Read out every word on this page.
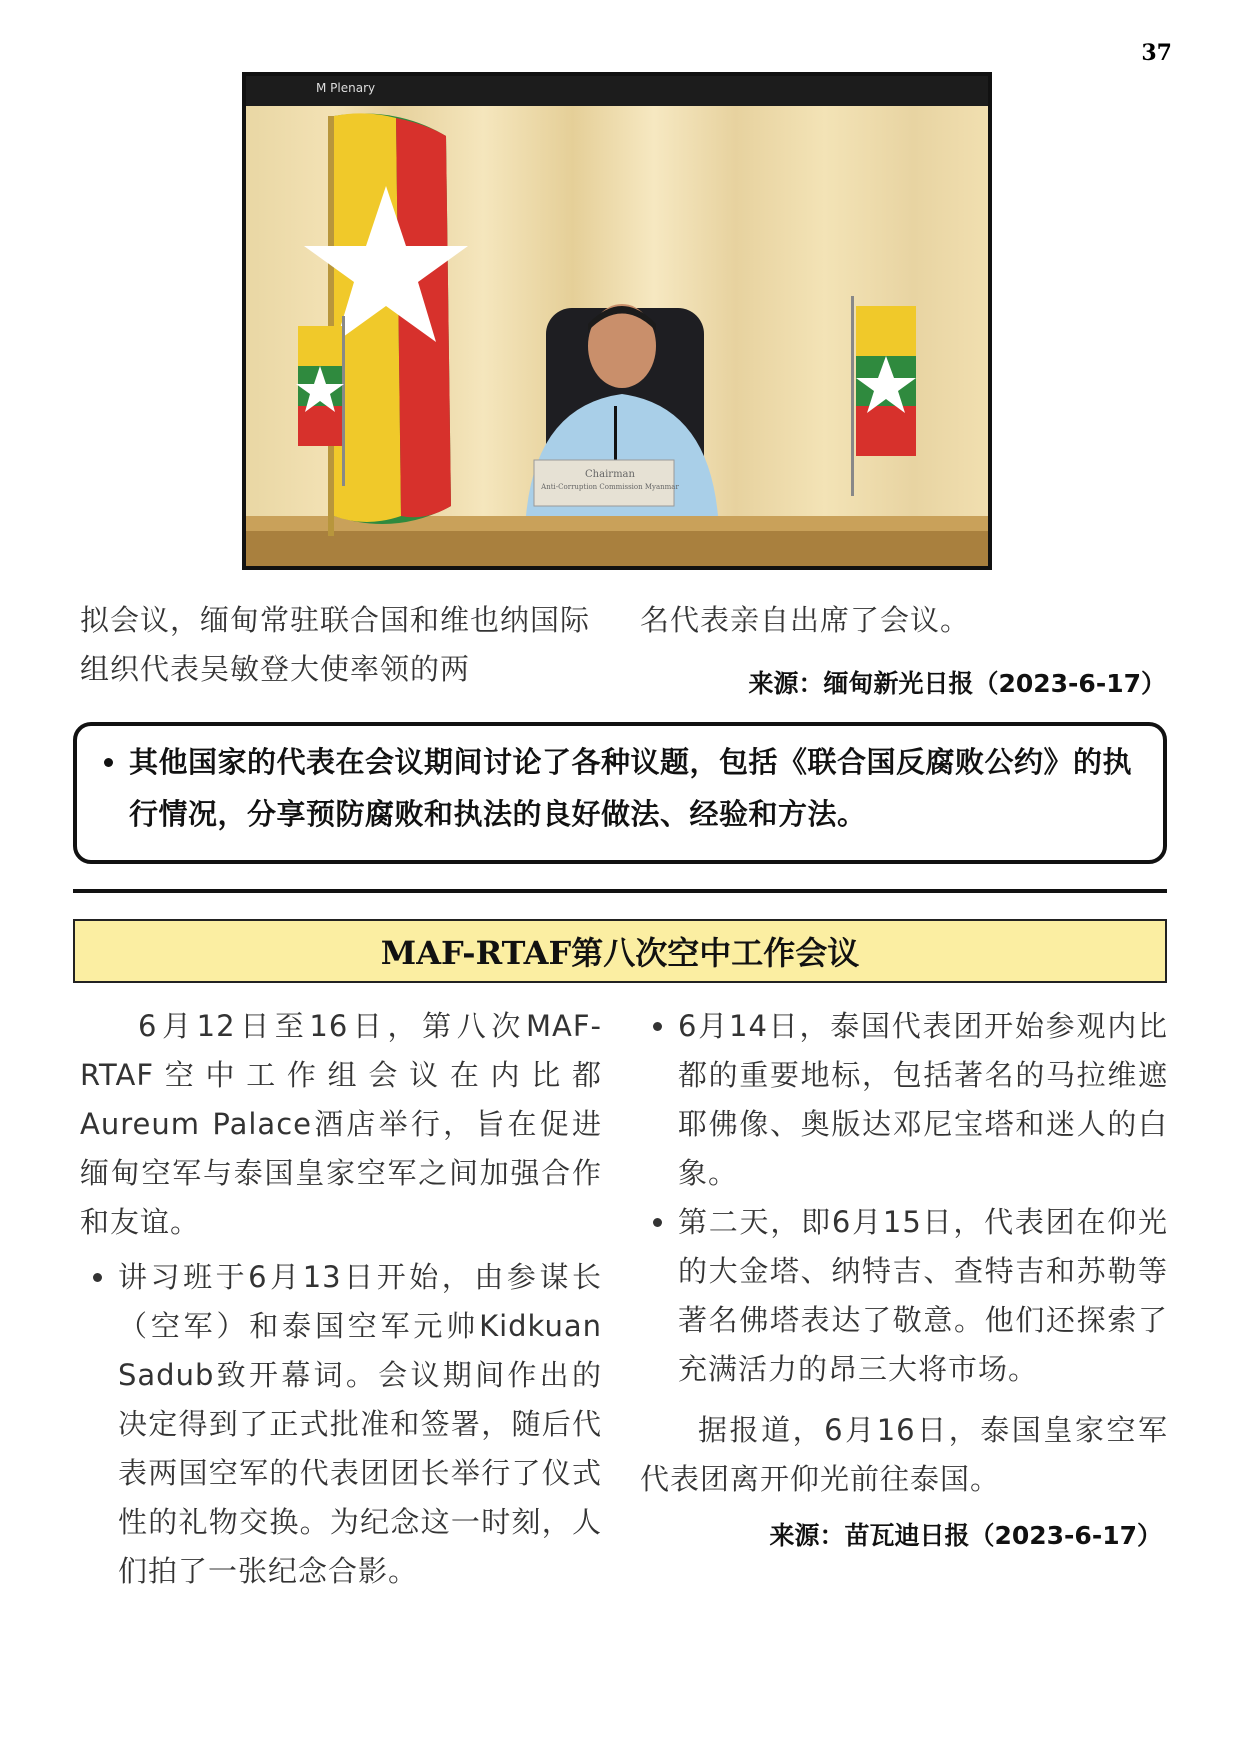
37
M Plenary
Chairman
Anti-Corruption Commission Myanmar

拟会议，缅甸常驻联合国和维也纳国际组织代表吴敏登大使率领的两

名代表亲自出席了会议。

来源：缅甸新光日报（2023-6-17）
• 其他国家的代表在会议期间讨论了各种议题，包括《联合国反腐败公约》的执行情况，分享预防腐败和执法的良好做法、经验和方法。
MAF-RTAF第八次空中工作会议

6月12日至16日，第八次MAF-RTAF空中工作组会议在内比都Aureum Palace酒店举行，旨在促进缅甸空军与泰国皇家空军之间加强合作和友谊。

• 讲习班于6月13日开始，由参谋长（空军）和泰国空军元帅Kidkuan Sadub致开幕词。会议期间作出的决定得到了正式批准和签署，随后代表两国空军的代表团团长举行了仪式性的礼物交换。为纪念这一时刻，人们拍了一张纪念合影。
• 6月14日，泰国代表团开始参观内比都的重要地标，包括著名的马拉维遮耶佛像、奥版达邓尼宝塔和迷人的白象。
• 第二天，即6月15日，代表团在仰光的大金塔、纳特吉、查特吉和苏勒等著名佛塔表达了敬意。他们还探索了充满活力的昂三大将市场。

据报道，6月16日，泰国皇家空军代表团离开仰光前往泰国。

来源：苗瓦迪日报（2023-6-17）
